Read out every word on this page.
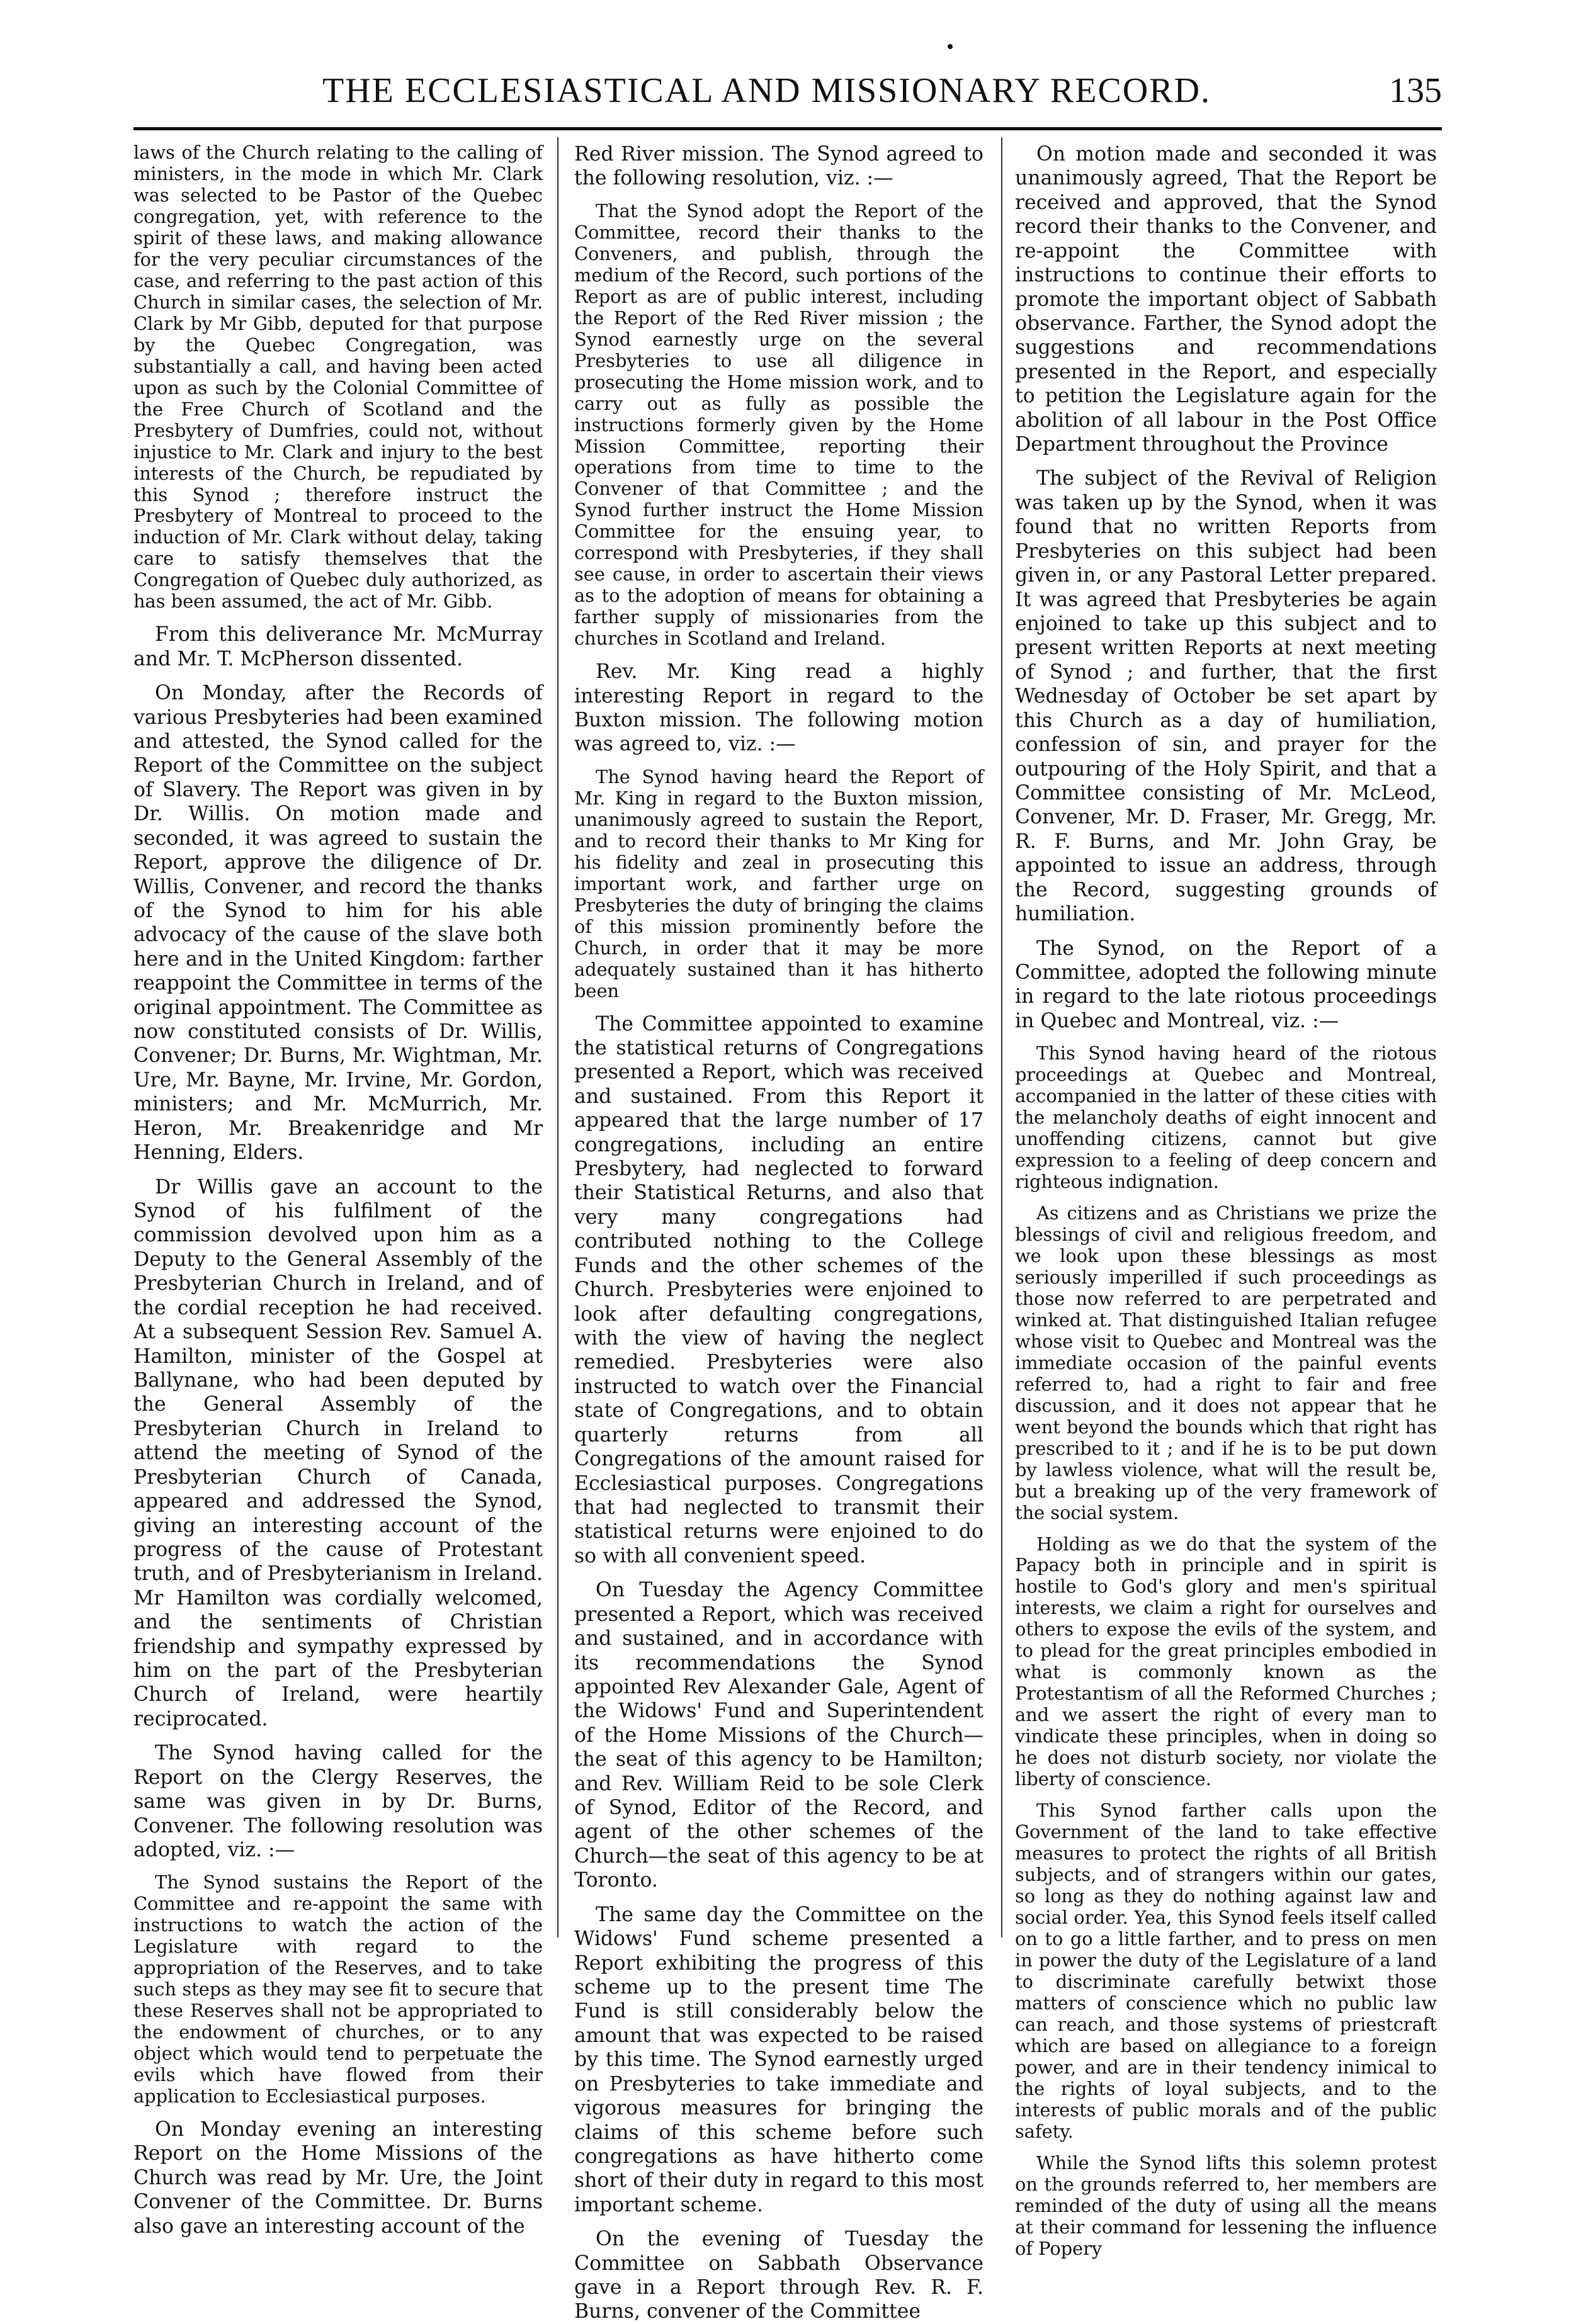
THE ECCLESIASTICAL AND MISSIONARY RECORD.	135

laws of the Church relating to the calling of ministers, in the mode in which Mr. Clark was selected to be Pastor of the Quebec congregation, yet, with reference to the spirit of these laws, and making allowance for the very peculiar circumstances of the case, and referring to the past action of this Church in similar cases, the selection of Mr. Clark by Mr Gibb, deputed for that purpose by the Quebec Congregation, was substantially a call, and having been acted upon as such by the Colonial Committee of the Free Church of Scotland and the Presbytery of Dumfries, could not, without injustice to Mr. Clark and injury to the best interests of the Church, be repudiated by this Synod ; therefore instruct the Presbytery of Montreal to proceed to the induction of Mr. Clark without delay, taking care to satisfy themselves that the Congregation of Quebec duly authorized, as has been assumed, the act of Mr. Gibb.

From this deliverance Mr. McMurray and Mr. T. McPherson dissented.

On Monday, after the Records of various Presbyteries had been examined and attested, the Synod called for the Report of the Committee on the subject of Slavery. The Report was given in by Dr. Willis. On motion made and seconded, it was agreed to sustain the Report, approve the diligence of Dr. Willis, Convener, and record the thanks of the Synod to him for his able advocacy of the cause of the slave both here and in the United Kingdom: farther reappoint the Committee in terms of the original appointment. The Committee as now constituted consists of Dr. Willis, Convener; Dr. Burns, Mr. Wightman, Mr. Ure, Mr. Bayne, Mr. Irvine, Mr. Gordon, ministers; and Mr. McMurrich, Mr. Heron, Mr. Breakenridge and Mr Henning, Elders.

Dr Willis gave an account to the Synod of his fulfilment of the commission devolved upon him as a Deputy to the General Assembly of the Presbyterian Church in Ireland, and of the cordial reception he had received. At a subsequent Session Rev. Samuel A. Hamilton, minister of the Gospel at Ballynane, who had been deputed by the General Assembly of the Presbyterian Church in Ireland to attend the meeting of Synod of the Presbyterian Church of Canada, appeared and addressed the Synod, giving an interesting account of the progress of the cause of Protestant truth, and of Presbyterianism in Ireland. Mr Hamilton was cordially welcomed, and the sentiments of Christian friendship and sympathy expressed by him on the part of the Presbyterian Church of Ireland, were heartily reciprocated.

The Synod having called for the Report on the Clergy Reserves, the same was given in by Dr. Burns, Convener. The following resolution was adopted, viz. :—

The Synod sustains the Report of the Committee and re-appoint the same with instructions to watch the action of the Legislature with regard to the appropriation of the Reserves, and to take such steps as they may see fit to secure that these Reserves shall not be appropriated to the endowment of churches, or to any object which would tend to perpetuate the evils which have flowed from their application to Ecclesiastical purposes.

On Monday evening an interesting Report on the Home Missions of the Church was read by Mr. Ure, the Joint Convener of the Committee. Dr. Burns also gave an interesting account of the

Red River mission. The Synod agreed to the following resolution, viz. :—

That the Synod adopt the Report of the Committee, record their thanks to the Conveners, and publish, through the medium of the Record, such portions of the Report as are of public interest, including the Report of the Red River mission ; the Synod earnestly urge on the several Presbyteries to use all diligence in prosecuting the Home mission work, and to carry out as fully as possible the instructions formerly given by the Home Mission Committee, reporting their operations from time to time to the Convener of that Committee ; and the Synod further instruct the Home Mission Committee for the ensuing year, to correspond with Presbyteries, if they shall see cause, in order to ascertain their views as to the adoption of means for obtaining a farther supply of missionaries from the churches in Scotland and Ireland.

Rev. Mr. King read a highly interesting Report in regard to the Buxton mission. The following motion was agreed to, viz. :—

The Synod having heard the Report of Mr. King in regard to the Buxton mission, unanimously agreed to sustain the Report, and to record their thanks to Mr King for his fidelity and zeal in prosecuting this important work, and farther urge on Presbyteries the duty of bringing the claims of this mission prominently before the Church, in order that it may be more adequately sustained than it has hitherto been

The Committee appointed to examine the statistical returns of Congregations presented a Report, which was received and sustained. From this Report it appeared that the large number of 17 congregations, including an entire Presbytery, had neglected to forward their Statistical Returns, and also that very many congregations had contributed nothing to the College Funds and the other schemes of the Church. Presbyteries were enjoined to look after defaulting congregations, with the view of having the neglect remedied. Presbyteries were also instructed to watch over the Financial state of Congregations, and to obtain quarterly returns from all Congregations of the amount raised for Ecclesiastical purposes. Congregations that had neglected to transmit their statistical returns were enjoined to do so with all convenient speed.

On Tuesday the Agency Committee presented a Report, which was received and sustained, and in accordance with its recommendations the Synod appointed Rev Alexander Gale, Agent of the Widows' Fund and Superintendent of the Home Missions of the Church—the seat of this agency to be Hamilton; and Rev. William Reid to be sole Clerk of Synod, Editor of the Record, and agent of the other schemes of the Church—the seat of this agency to be at Toronto.

The same day the Committee on the Widows' Fund scheme presented a Report exhibiting the progress of this scheme up to the present time The Fund is still considerably below the amount that was expected to be raised by this time. The Synod earnestly urged on Presbyteries to take immediate and vigorous measures for bringing the claims of this scheme before such congregations as have hitherto come short of their duty in regard to this most important scheme.

On the evening of Tuesday the Committee on Sabbath Observance gave in a Report through Rev. R. F. Burns, convener of the Committee

On motion made and seconded it was unanimously agreed, That the Report be received and approved, that the Synod record their thanks to the Convener, and re-appoint the Committee with instructions to continue their efforts to promote the important object of Sabbath observance. Farther, the Synod adopt the suggestions and recommendations presented in the Report, and especially to petition the Legislature again for the abolition of all labour in the Post Office Department throughout the Province

The subject of the Revival of Religion was taken up by the Synod, when it was found that no written Reports from Presbyteries on this subject had been given in, or any Pastoral Letter prepared. It was agreed that Presbyteries be again enjoined to take up this subject and to present written Reports at next meeting of Synod ; and further, that the first Wednesday of October be set apart by this Church as a day of humiliation, confession of sin, and prayer for the outpouring of the Holy Spirit, and that a Committee consisting of Mr. McLeod, Convener, Mr. D. Fraser, Mr. Gregg, Mr. R. F. Burns, and Mr. John Gray, be appointed to issue an address, through the Record, suggesting grounds of humiliation.

The Synod, on the Report of a Committee, adopted the following minute in regard to the late riotous proceedings in Quebec and Montreal, viz. :—

This Synod having heard of the riotous proceedings at Quebec and Montreal, accompanied in the latter of these cities with the melancholy deaths of eight innocent and unoffending citizens, cannot but give expression to a feeling of deep concern and righteous indignation.

As citizens and as Christians we prize the blessings of civil and religious freedom, and we look upon these blessings as most seriously imperilled if such proceedings as those now referred to are perpetrated and winked at. That distinguished Italian refugee whose visit to Quebec and Montreal was the immediate occasion of the painful events referred to, had a right to fair and free discussion, and it does not appear that he went beyond the bounds which that right has prescribed to it ; and if he is to be put down by lawless violence, what will the result be, but a breaking up of the very framework of the social system.

Holding as we do that the system of the Papacy both in principle and in spirit is hostile to God's glory and men's spiritual interests, we claim a right for ourselves and others to expose the evils of the system, and to plead for the great principles embodied in what is commonly known as the Protestantism of all the Reformed Churches ; and we assert the right of every man to vindicate these principles, when in doing so he does not disturb society, nor violate the liberty of conscience.

This Synod farther calls upon the Government of the land to take effective measures to protect the rights of all British subjects, and of strangers within our gates, so long as they do nothing against law and social order. Yea, this Synod feels itself called on to go a little farther, and to press on men in power the duty of the Legislature of a land to discriminate carefully betwixt those matters of conscience which no public law can reach, and those systems of priestcraft which are based on allegiance to a foreign power, and are in their tendency inimical to the rights of loyal subjects, and to the interests of public morals and of the public safety.

While the Synod lifts this solemn protest on the grounds referred to, her members are reminded of the duty of using all the means at their command for lessening the influence of Popery
